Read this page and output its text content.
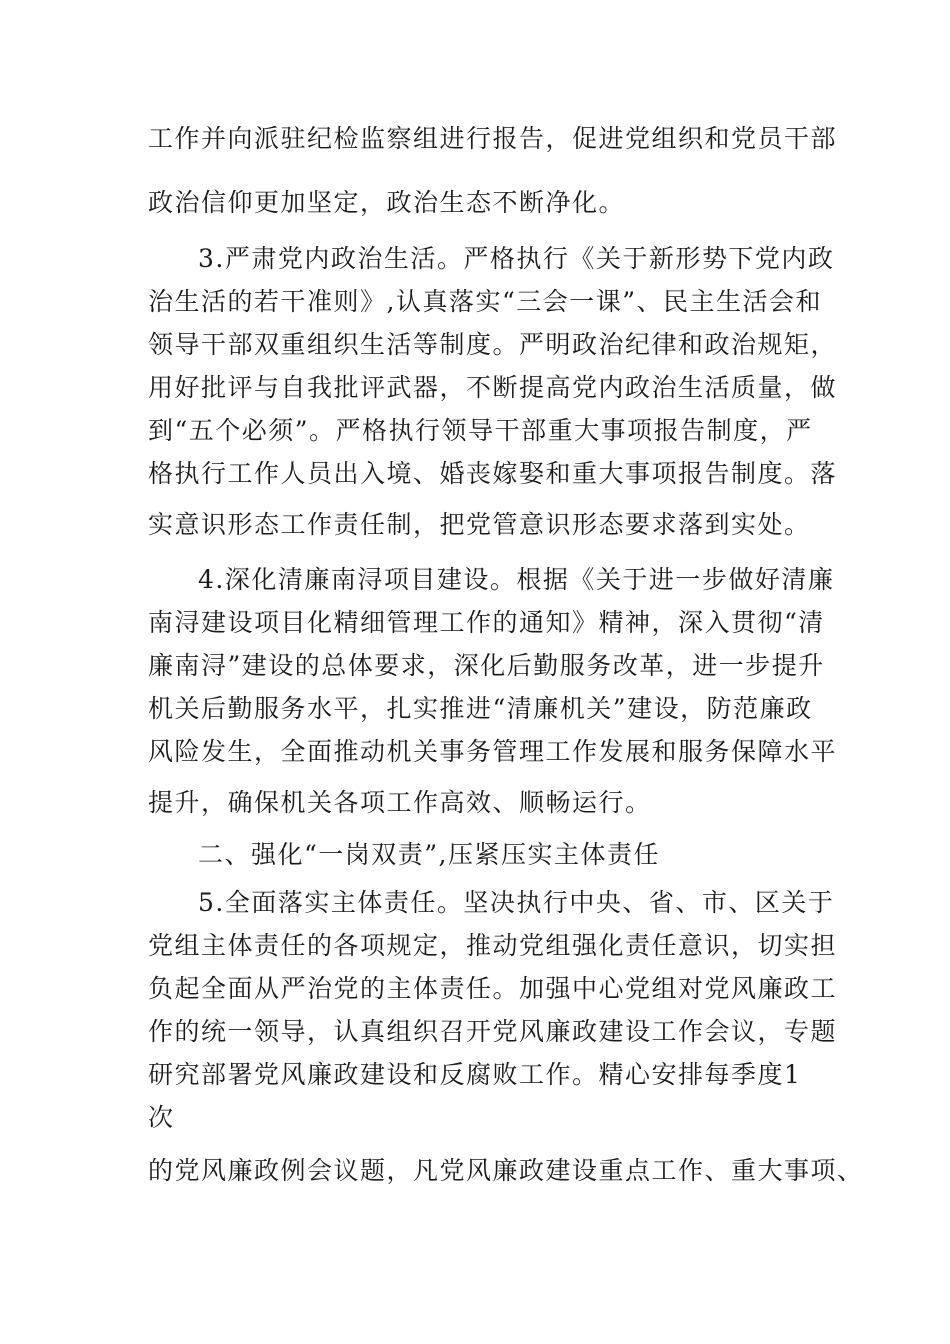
工作并向派驻纪检监察组进行报告，促进党组织和党员干部
政治信仰更加坚定，政治生态不断净化。
3.严肃党内政治生活。严格执行《关于新形势下党内政
治生活的若干准则》,认真落实“三会一课”、民主生活会和
领导干部双重组织生活等制度。严明政治纪律和政治规矩，
用好批评与自我批评武器，不断提高党内政治生活质量，做
到“五个必须”。严格执行领导干部重大事项报告制度，严
格执行工作人员出入境、婚丧嫁娶和重大事项报告制度。落
实意识形态工作责任制，把党管意识形态要求落到实处。
4.深化清廉南浔项目建设。根据《关于进一步做好清廉
南浔建设项目化精细管理工作的通知》精神，深入贯彻“清
廉南浔”建设的总体要求，深化后勤服务改革，进一步提升
机关后勤服务水平，扎实推进“清廉机关”建设，防范廉政
风险发生，全面推动机关事务管理工作发展和服务保障水平
提升，确保机关各项工作高效、顺畅运行。
二、强化“一岗双责”,压紧压实主体责任
5.全面落实主体责任。坚决执行中央、省、市、区关于
党组主体责任的各项规定，推动党组强化责任意识，切实担
负起全面从严治党的主体责任。加强中心党组对党风廉政工
作的统一领导，认真组织召开党风廉政建设工作会议，专题
研究部署党风廉政建设和反腐败工作。精心安排每季度1
次
的党风廉政例会议题，凡党风廉政建设重点工作、重大事项、
